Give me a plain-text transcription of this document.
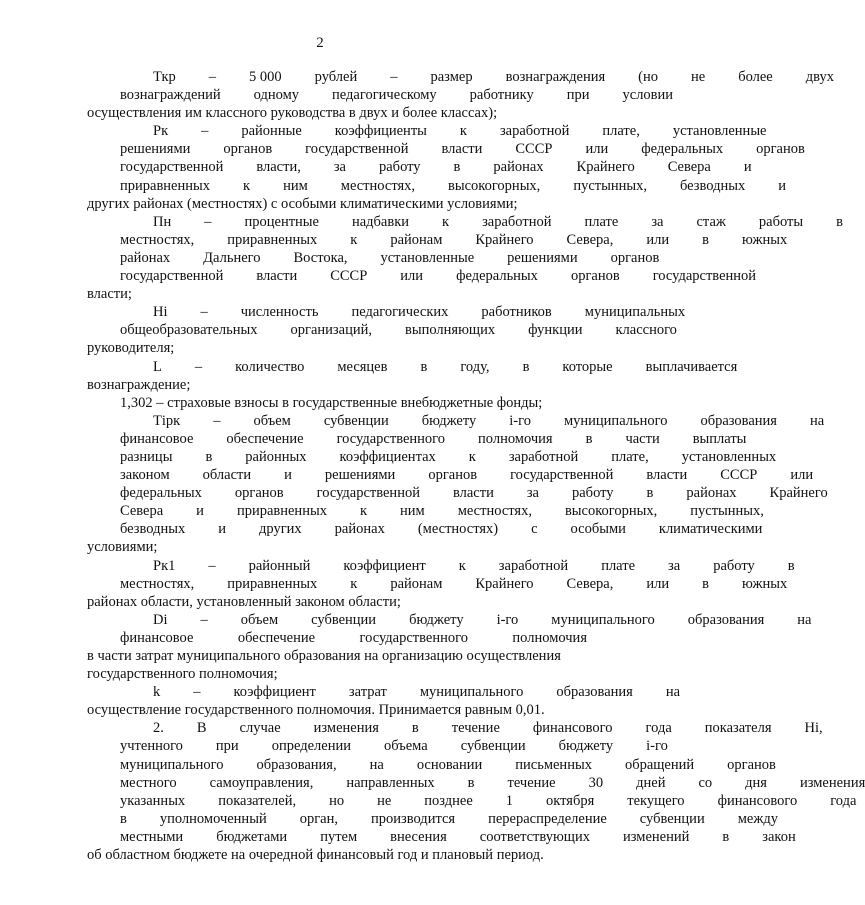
2
Ткр	–	5 000	рублей	–	размер	вознаграждения	(но	не	более	двух
вознаграждений	одному	педагогическому	работнику	при	условии
осуществления им классного руководства в двух и более классах);
Рк	–	районные	коэффициенты	к	заработной	плате,	установленные
решениями	органов	государственной	власти	СССР	или	федеральных	органов
государственной	власти,	за	работу	в	районах	Крайнего	Севера	и
приравненных	к	ним	местностях,	высокогорных,	пустынных,	безводных	и
других районах (местностях) с особыми климатическими условиями;
Пн	–	процентные	надбавки	к	заработной	плате	за	стаж	работы	в
местностях,	приравненных	к	районам	Крайнего	Севера,	или	в	южных
районах	Дальнего	Востока,	установленные	решениями	органов
государственной	власти	СССР	или	федеральных	органов	государственной
власти;
Hi	–	численность	педагогических	работников	муниципальных
общеобразовательных	организаций,	выполняющих	функции	классного
руководителя;
L	–	количество	месяцев	в	году,	в	которые	выплачивается
вознаграждение;
1,302 – страховые взносы в государственные внебюджетные фонды;
Тiрк	–	объем	субвенции	бюджету	i-го	муниципального	образования	на
финансовое	обеспечение	государственного	полномочия	в	части	выплаты
разницы	в	районных	коэффициентах	к	заработной	плате,	установленных
законом	области	и	решениями	органов	государственной	власти	СССР	или
федеральных	органов	государственной	власти	за	работу	в	районах	Крайнего
Севера	и	приравненных	к	ним	местностях,	высокогорных,	пустынных,
безводных	и	других	районах	(местностях)	с	особыми	климатическими
условиями;
Рк1	–	районный	коэффициент	к	заработной	плате	за	работу	в
местностях,	приравненных	к	районам	Крайнего	Севера,	или	в	южных
районах области, установленный законом области;
Di	–	объем	субвенции	бюджету	i-го	муниципального	образования	на
финансовое	обеспечение	государственного	полномочия
в части затрат муниципального образования на организацию осуществления
государственного полномочия;
k	–	коэффициент	затрат	муниципального	образования	на
осуществление государственного полномочия. Принимается равным 0,01.
2.	В	случае	изменения	в	течение	финансового	года	показателя	Hi,
учтенного	при	определении	объема	субвенции	бюджету	i-го
муниципального	образования,	на	основании	письменных	обращений	органов
местного	самоуправления,	направленных	в	течение	30	дней	со	дня	изменения
указанных	показателей,	но	не	позднее	1	октября	текущего	финансового	года
в	уполномоченный	орган,	производится	перераспределение	субвенции	между
местными	бюджетами	путем	внесения	соответствующих	изменений	в	закон
об областном бюджете на очередной финансовый год и плановый период.
